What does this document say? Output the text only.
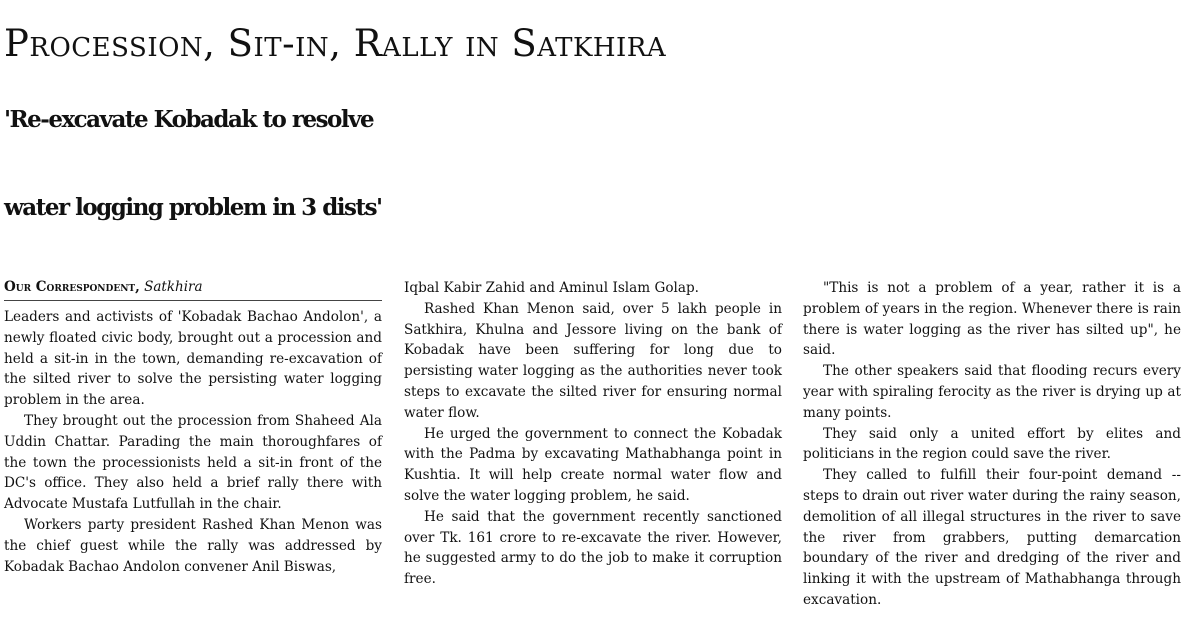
Procession, Sit-in, Rally in Satkhira
'Re-excavate Kobadak to resolve
water logging problem in 3 dists'
Our Correspondent, Satkhira

Leaders and activists of 'Kobadak Bachao Andolon', a newly floated civic body, brought out a procession and held a sit-in in the town, demanding re-excavation of the silted river to solve the persisting water logging problem in the area.

They brought out the procession from Shaheed Ala Uddin Chattar. Parading the main thoroughfares of the town the processionists held a sit-in front of the DC's office. They also held a brief rally there with Advocate Mustafa Lutfullah in the chair.

Workers party president Rashed Khan Menon was the chief guest while the rally was addressed by Kobadak Bachao Andolon convener Anil Biswas,

Iqbal Kabir Zahid and Aminul Islam Golap.

Rashed Khan Menon said, over 5 lakh people in Satkhira, Khulna and Jessore living on the bank of Kobadak have been suffering for long due to persisting water logging as the authorities never took steps to excavate the silted river for ensuring normal water flow.

He urged the government to connect the Kobadak with the Padma by excavating Mathabhanga point in Kushtia. It will help create normal water flow and solve the water logging problem, he said.

He said that the government recently sanctioned over Tk. 161 crore to re-excavate the river. However, he suggested army to do the job to make it corruption free.

"This is not a problem of a year, rather it is a problem of years in the region. Whenever there is rain there is water logging as the river has silted up", he said.

The other speakers said that flooding recurs every year with spiraling ferocity as the river is drying up at many points.

They said only a united effort by elites and politicians in the region could save the river.

They called to fulfill their four-point demand -- steps to drain out river water during the rainy season, demolition of all illegal structures in the river to save the river from grabbers, putting demarcation boundary of the river and dredging of the river and linking it with the upstream of Mathabhanga through excavation.
